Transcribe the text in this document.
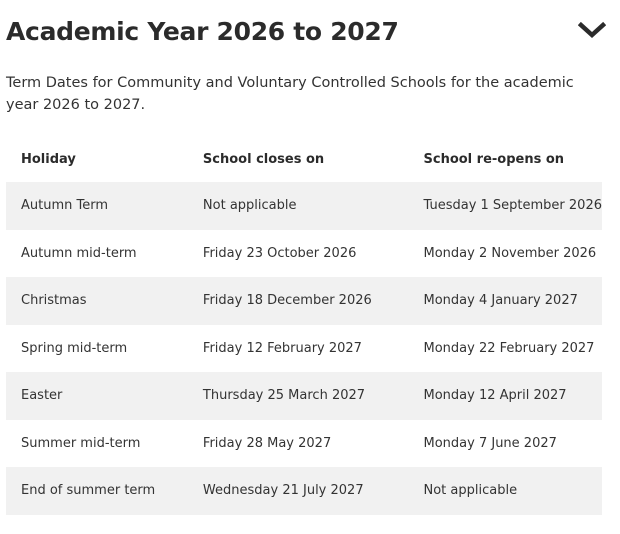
Academic Year 2026 to 2027

Term Dates for Community and Voluntary Controlled Schools for the academic year 2026 to 2027.

Holiday	School closes on	School re-opens on
Autumn Term	Not applicable	Tuesday 1 September 2026
Autumn mid-term	Friday 23 October 2026	Monday 2 November 2026
Christmas	Friday 18 December 2026	Monday 4 January 2027
Spring mid-term	Friday 12 February 2027	Monday 22 February 2027
Easter	Thursday 25 March 2027	Monday 12 April 2027
Summer mid-term	Friday 28 May 2027	Monday 7 June 2027
End of summer term	Wednesday 21 July 2027	Not applicable
